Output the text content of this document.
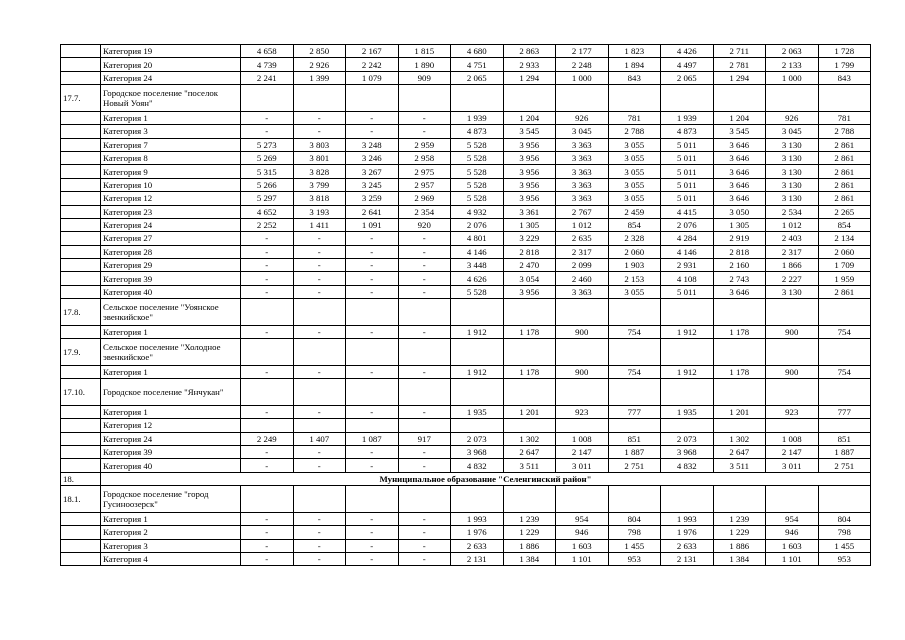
	Категория 19	4 658	2 850	2 167	1 815	4 680	2 863	2 177	1 823	4 426	2 711	2 063	1 728
	Категория 20	4 739	2 926	2 242	1 890	4 751	2 933	2 248	1 894	4 497	2 781	2 133	1 799
	Категория 24	2 241	1 399	1 079	909	2 065	1 294	1 000	843	2 065	1 294	1 000	843
17.7.	Городское поселение "поселок Новый Уоян"												
	Категория 1	-	-	-	-	1 939	1 204	926	781	1 939	1 204	926	781
	Категория 3	-	-	-	-	4 873	3 545	3 045	2 788	4 873	3 545	3 045	2 788
	Категория 7	5 273	3 803	3 248	2 959	5 528	3 956	3 363	3 055	5 011	3 646	3 130	2 861
	Категория 8	5 269	3 801	3 246	2 958	5 528	3 956	3 363	3 055	5 011	3 646	3 130	2 861
	Категория 9	5 315	3 828	3 267	2 975	5 528	3 956	3 363	3 055	5 011	3 646	3 130	2 861
	Категория 10	5 266	3 799	3 245	2 957	5 528	3 956	3 363	3 055	5 011	3 646	3 130	2 861
	Категория 12	5 297	3 818	3 259	2 969	5 528	3 956	3 363	3 055	5 011	3 646	3 130	2 861
	Категория 23	4 652	3 193	2 641	2 354	4 932	3 361	2 767	2 459	4 415	3 050	2 534	2 265
	Категория 24	2 252	1 411	1 091	920	2 076	1 305	1 012	854	2 076	1 305	1 012	854
	Категория 27	-	-	-	-	4 801	3 229	2 635	2 328	4 284	2 919	2 403	2 134
	Категория 28	-	-	-	-	4 146	2 818	2 317	2 060	4 146	2 818	2 317	2 060
	Категория 29	-	-	-	-	3 448	2 470	2 099	1 903	2 931	2 160	1 866	1 709
	Категория 39	-	-	-	-	4 626	3 054	2 460	2 153	4 108	2 743	2 227	1 959
	Категория 40	-	-	-	-	5 528	3 956	3 363	3 055	5 011	3 646	3 130	2 861
17.8.	Сельское поселение "Уоянское эвенкийское"												
	Категория 1	-	-	-	-	1 912	1 178	900	754	1 912	1 178	900	754
17.9.	Сельское поселение "Холодное эвенкийское"												
	Категория 1	-	-	-	-	1 912	1 178	900	754	1 912	1 178	900	754
17.10.	Городское поселение "Янчукан"												
	Категория 1	-	-	-	-	1 935	1 201	923	777	1 935	1 201	923	777
	Категория 12												
	Категория 24	2 249	1 407	1 087	917	2 073	1 302	1 008	851	2 073	1 302	1 008	851
	Категория 39	-	-	-	-	3 968	2 647	2 147	1 887	3 968	2 647	2 147	1 887
	Категория 40	-	-	-	-	4 832	3 511	3 011	2 751	4 832	3 511	3 011	2 751
18.	Муниципальное образование "Селенгинский район"												
18.1.	Городское поселение "город Гусиноозерск"												
	Категория 1	-	-	-	-	1 993	1 239	954	804	1 993	1 239	954	804
	Категория 2	-	-	-	-	1 976	1 229	946	798	1 976	1 229	946	798
	Категория 3	-	-	-	-	2 633	1 886	1 603	1 455	2 633	1 886	1 603	1 455
	Категория 4	-	-	-	-	2 131	1 384	1 101	953	2 131	1 384	1 101	953
